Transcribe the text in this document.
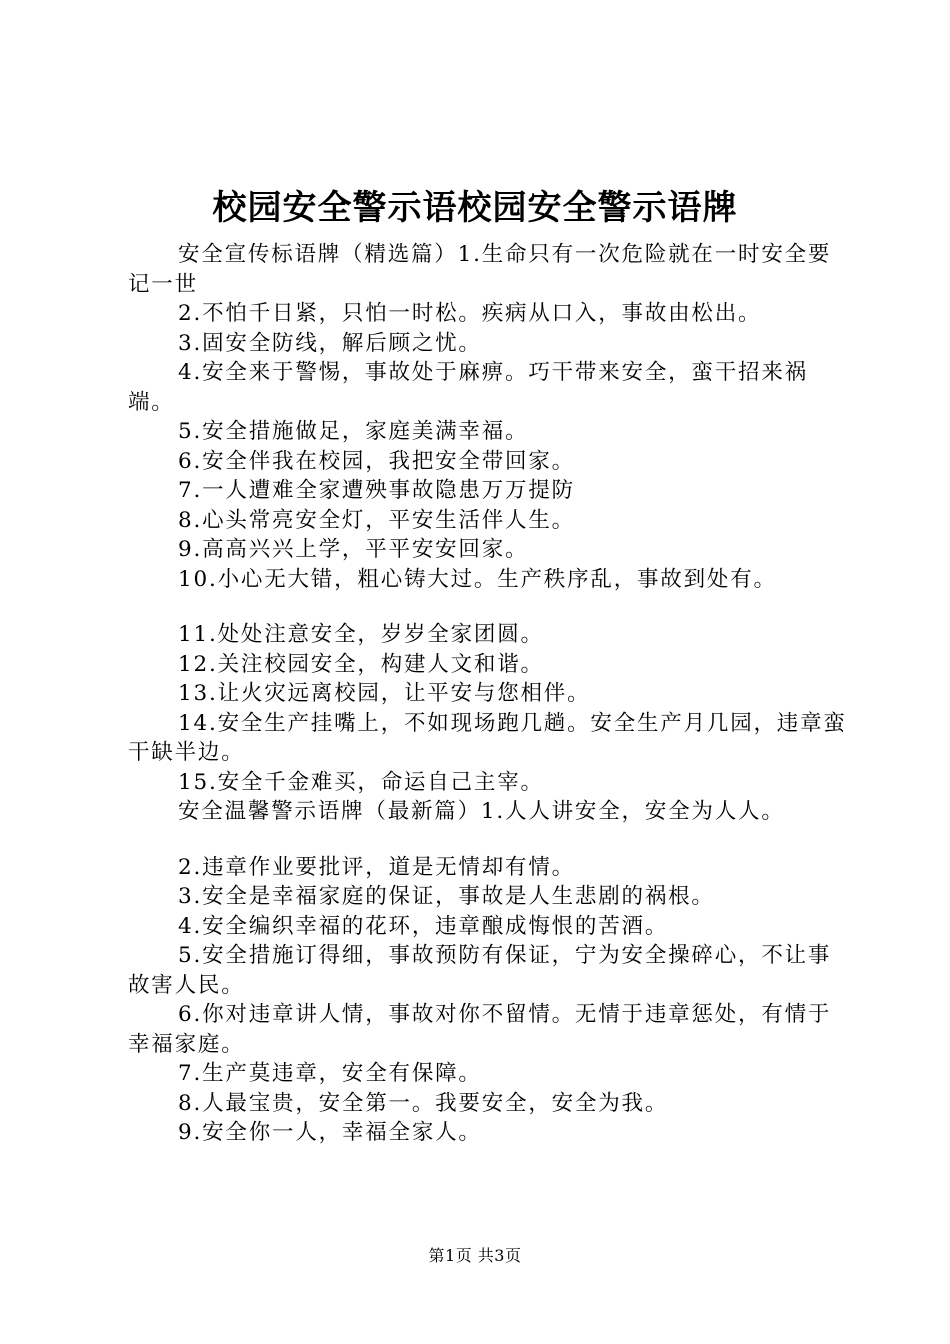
校园安全警示语校园安全警示语牌

安全宣传标语牌（精选篇）1.生命只有一次危险就在一时安全要记一世

2.不怕千日紧，只怕一时松。疾病从口入，事故由松出。

3.固安全防线，解后顾之忧。

4.安全来于警惕，事故处于麻痹。巧干带来安全，蛮干招来祸端。

5.安全措施做足，家庭美满幸福。

6.安全伴我在校园，我把安全带回家。

7.一人遭难全家遭殃事故隐患万万提防

8.心头常亮安全灯，平安生活伴人生。

9.高高兴兴上学，平平安安回家。

10.小心无大错，粗心铸大过。生产秩序乱，事故到处有。

11.处处注意安全，岁岁全家团圆。

12.关注校园安全，构建人文和谐。

13.让火灾远离校园，让平安与您相伴。

14.安全生产挂嘴上，不如现场跑几趟。安全生产月几园，违章蛮干缺半边。

15.安全千金难买，命运自己主宰。

安全温馨警示语牌（最新篇）1.人人讲安全，安全为人人。

2.违章作业要批评，道是无情却有情。

3.安全是幸福家庭的保证，事故是人生悲剧的祸根。

4.安全编织幸福的花环，违章酿成悔恨的苦酒。

5.安全措施订得细，事故预防有保证，宁为安全操碎心，不让事故害人民。

6.你对违章讲人情，事故对你不留情。无情于违章惩处，有情于幸福家庭。

7.生产莫违章，安全有保障。

8.人最宝贵，安全第一。我要安全，安全为我。

9.安全你一人，幸福全家人。

第1页 共3页
